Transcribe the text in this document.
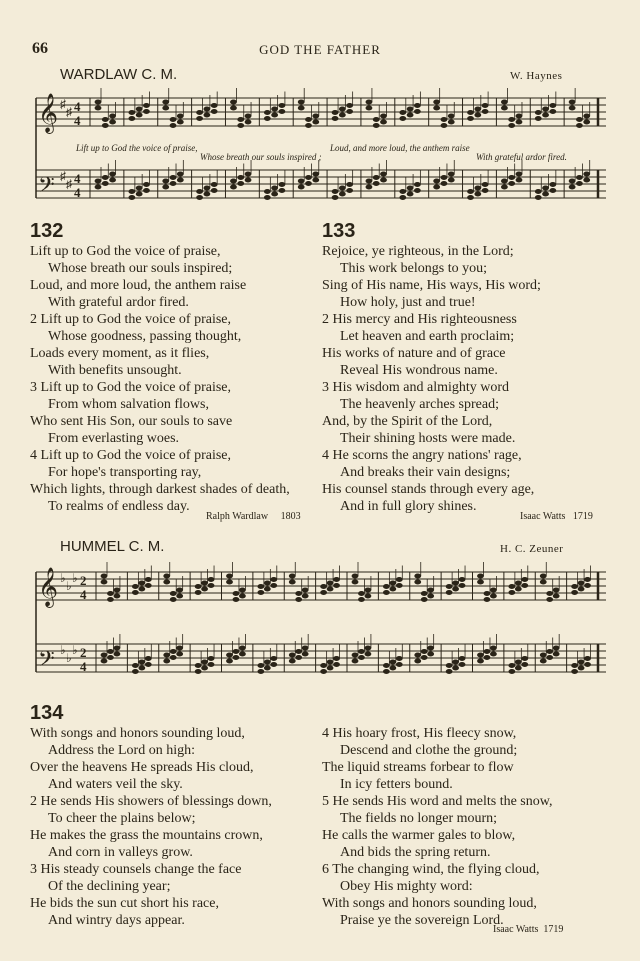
66	GOD THE FATHER
WARDLAW C. M.	W. Haynes
𝄞 ♯
♯ 4
4
𝄢 ♯
♯ 4
4
Lift up to God the voice of praise,	Loud, and more loud, the anthem raise
Whose breath our souls inspired ;	With grateful ardor fired.
132
Lift up to God the voice of praise,
Whose breath our souls inspired;
Loud, and more loud, the anthem raise
With grateful ardor fired.
2 Lift up to God the voice of praise,
Whose goodness, passing thought,
Loads every moment, as it flies,
With benefits unsought.
3 Lift up to God the voice of praise,
From whom salvation flows,
Who sent His Son, our souls to save
From everlasting woes.
4 Lift up to God the voice of praise,
For hope's transporting ray,
Which lights, through darkest shades of death,
To realms of endless day.
Ralph Wardlaw 1803
133
Rejoice, ye righteous, in the Lord;
This work belongs to you;
Sing of His name, His ways, His word;
How holy, just and true!
2 His mercy and His righteousness
Let heaven and earth proclaim;
His works of nature and of grace
Reveal His wondrous name.
3 His wisdom and almighty word
The heavenly arches spread;
And, by the Spirit of the Lord,
Their shining hosts were made.
4 He scorns the angry nations' rage,
And breaks their vain designs;
His counsel stands through every age,
And in full glory shines.
Isaac Watts 1719
HUMMEL C. M.	H. C. Zeuner
𝄞 ♭
♭
♭ 2
4
𝄢 ♭
♭
♭ 2
4
134
With songs and honors sounding loud,
Address the Lord on high:
Over the heavens He spreads His cloud,
And waters veil the sky.
2 He sends His showers of blessings down,
To cheer the plains below;
He makes the grass the mountains crown,
And corn in valleys grow.
3 His steady counsels change the face
Of the declining year;
He bids the sun cut short his race,
And wintry days appear.
4 His hoary frost, His fleecy snow,
Descend and clothe the ground;
The liquid streams forbear to flow
In icy fetters bound.
5 He sends His word and melts the snow,
The fields no longer mourn;
He calls the warmer gales to blow,
And bids the spring return.
6 The changing wind, the flying cloud,
Obey His mighty word:
With songs and honors sounding loud,
Praise ye the sovereign Lord.
Isaac Watts 1719
